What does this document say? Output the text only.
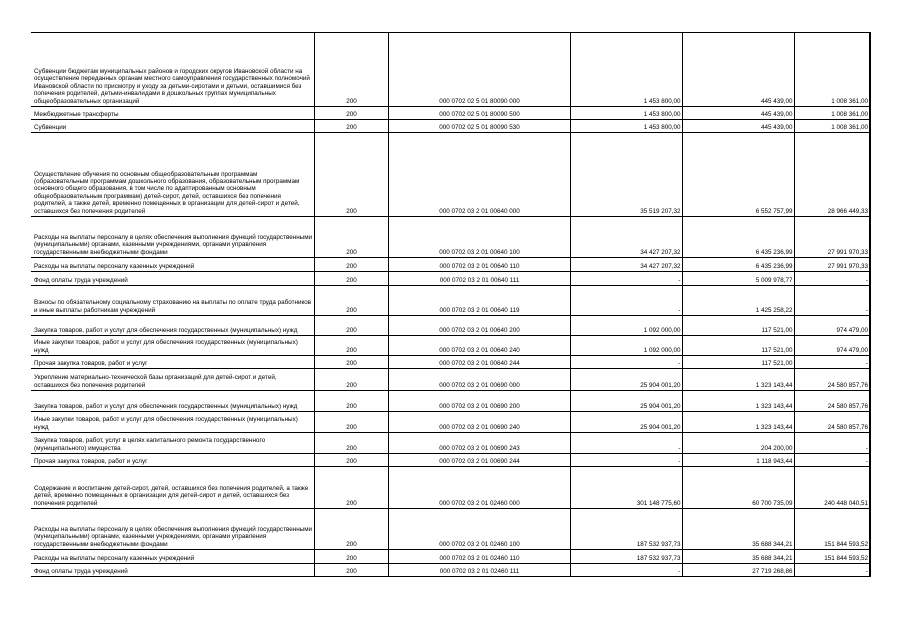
Субвенции бюджетам муниципальных районов и городских округов Ивановской области на осуществление переданных органам местного самоуправления государственных полномочий Ивановской области по присмотру и уходу за детьми-сиротами и детьми, оставшимися без попечения родителей, детьми-инвалидами в дошкольных группах муниципальных общеобразовательных организаций	200	000 0702 02 5 01 80090 000	1 453 800,00	445 439,00	1 008 361,00
Межбюджетные трансферты	200	000 0702 02 5 01 80090 500	1 453 800,00	445 439,00	1 008 361,00
Субвенции	200	000 0702 02 5 01 80090 530	1 453 800,00	445 439,00	1 008 361,00
Осуществление обучения по основным общеобразовательным программам (образовательным программам дошкольного образования, образовательным программам основного общего образования, в том числе по адаптированным основным общеобразовательным программам) детей-сирот, детей, оставшихся без попечения родителей, а также детей, временно помещенных в организации для детей-сирот и детей, оставшихся без попечения родителей	200	000 0702 03 2 01 00640 000	35 519 207,32	6 552 757,99	28 966 449,33
Расходы на выплаты персоналу в целях обеспечения выполнения функций государственными (муниципальными) органами, казенными учреждениями, органами управления государственными внебюджетными фондами	200	000 0702 03 2 01 00640 100	34 427 207,32	6 435 236,99	27 991 970,33
Расходы на выплаты персоналу казенных учреждений	200	000 0702 03 2 01 00640 110	34 427 207,32	6 435 236,99	27 991 970,33
Фонд оплаты труда учреждений	200	000 0702 03 2 01 00640 111	-	5 009 978,77	-
Взносы по обязательному социальному страхованию на выплаты по оплате труда работников и иные выплаты работникам учреждений	200	000 0702 03 2 01 00640 119	-	1 425 258,22	-
Закупка товаров, работ и услуг для обеспечения государственных (муниципальных) нужд	200	000 0702 03 2 01 00640 200	1 092 000,00	117 521,00	974 479,00
Иные закупки товаров, работ и услуг для обеспечения государственных (муниципальных) нужд	200	000 0702 03 2 01 00640 240	1 092 000,00	117 521,00	974 479,00
Прочая закупка товаров, работ и услуг	200	000 0702 03 2 01 00640 244	-	117 521,00	-
Укрепление материально-технической базы организаций для детей-сирот и детей, оставшихся без попечения родителей	200	000 0702 03 2 01 00690 000	25 904 001,20	1 323 143,44	24 580 857,76
Закупка товаров, работ и услуг для обеспечения государственных (муниципальных) нужд	200	000 0702 03 2 01 00690 200	25 904 001,20	1 323 143,44	24 580 857,76
Иные закупки товаров, работ и услуг для обеспечения государственных (муниципальных) нужд	200	000 0702 03 2 01 00690 240	25 904 001,20	1 323 143,44	24 580 857,76
Закупка товаров, работ, услуг в целях капитального ремонта государственного (муниципального) имущества	200	000 0702 03 2 01 00690 243	-	204 200,00	-
Прочая закупка товаров, работ и услуг	200	000 0702 03 2 01 00690 244	-	1 118 943,44	-
Содержание и воспитание детей-сирот, детей, оставшихся без попечения родителей, а также детей, временно помещенных в организации для детей-сирот и детей, оставшихся без попечения родителей	200	000 0702 03 2 01 02460 000	301 148 775,60	60 700 735,09	240 448 040,51
Расходы на выплаты персоналу в целях обеспечения выполнения функций государственными (муниципальными) органами, казенными учреждениями, органами управления государственными внебюджетными фондами	200	000 0702 03 2 01 02460 100	187 532 937,73	35 688 344,21	151 844 593,52
Расходы на выплаты персоналу казенных учреждений	200	000 0702 03 2 01 02460 110	187 532 937,73	35 688 344,21	151 844 593,52
Фонд оплаты труда учреждений	200	000 0702 03 2 01 02460 111	-	27 719 268,86	-
